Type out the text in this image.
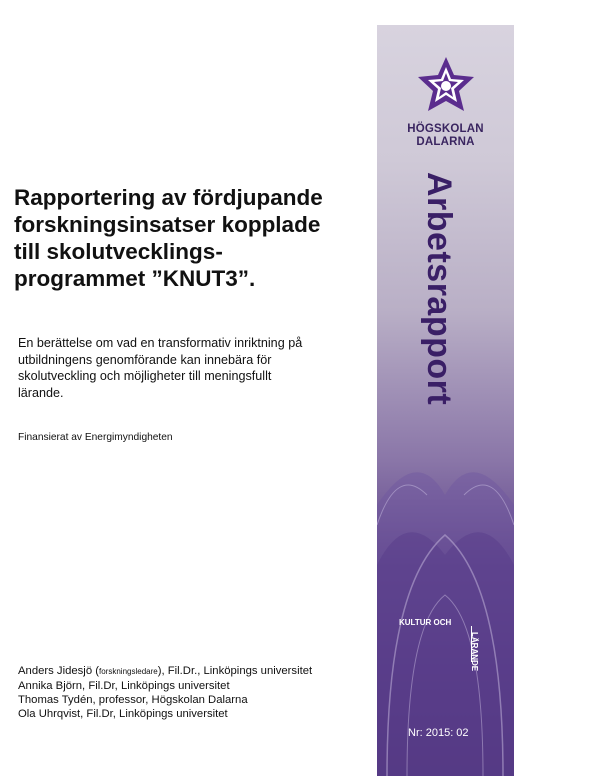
HÖGSKOLAN
DALARNA
KULTUR OCH
LÄRANDE
Arbetsrapport
Nr: 2015: 02
Rapportering av fördjupande
forskningsinsatser kopplade
till skolutvecklings-
programmet ”KNUT3”.
En berättelse om vad en transformativ inriktning på
utbildningens genomförande kan innebära för
skolutveckling och möjligheter till meningsfullt
lärande.
Finansierat av Energimyndigheten
Anders Jidesjö (forskningsledare), Fil.Dr., Linköpings universitet
Annika Björn, Fil.Dr, Linköpings universitet
Thomas Tydén, professor, Högskolan Dalarna
Ola Uhrqvist, Fil.Dr, Linköpings universitet
